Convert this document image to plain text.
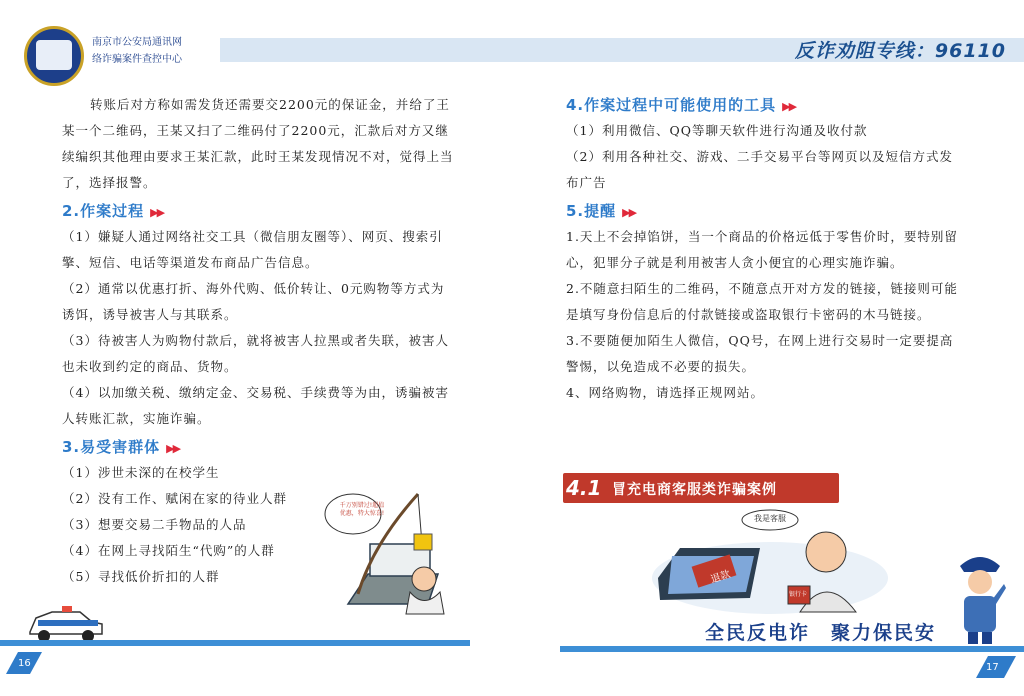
反诈劝阻专线：96110
南京市公安局通讯网
络诈骗案件查控中心
转账后对方称如需发货还需要交2200元的保证金，并给了王某一个二维码，王某又扫了二维码付了2200元，汇款后对方又继续编织其他理由要求王某汇款，此时王某发现情况不对，觉得上当了，选择报警。
2.作案过程 ▶▶
（1）嫌疑人通过网络社交工具（微信朋友圈等）、网页、搜索引擎、短信、电话等渠道发布商品广告信息。
（2）通常以优惠打折、海外代购、低价转让、0元购物等方式为诱饵，诱导被害人与其联系。
（3）待被害人为购物付款后，就将被害人拉黑或者失联，被害人也未收到约定的商品、货物。
（4）以加缴关税、缴纳定金、交易税、手续费等为由，诱骗被害人转账汇款，实施诈骗。
3.易受害群体 ▶▶
（1）涉世未深的在校学生
（2）没有工作、赋闲在家的待业人群
（3）想要交易二手物品的人品
（4）在网上寻找陌生“代购”的人群
（5）寻找低价折扣的人群
千万别错过!超值优惠，特大惊喜!
16
4.作案过程中可能使用的工具 ▶▶
（1）利用微信、QQ等聊天软件进行沟通及收付款
（2）利用各种社交、游戏、二手交易平台等网页以及短信方式发布广告
5.提醒 ▶▶
1.天上不会掉馅饼，当一个商品的价格远低于零售价时，要特别留心，犯罪分子就是利用被害人贪小便宜的心理实施诈骗。
2.不随意扫陌生的二维码，不随意点开对方发的链接，链接则可能是填写身份信息后的付款链接或盗取银行卡密码的木马链接。
3.不要随便加陌生人微信，QQ号，在网上进行交易时一定要提高警惕，以免造成不必要的损失。
4、网络购物，请选择正规网站。
4.1 冒充电商客服类诈骗案例
我是客服
退款
银行卡
全民反电诈　聚力保民安
17
